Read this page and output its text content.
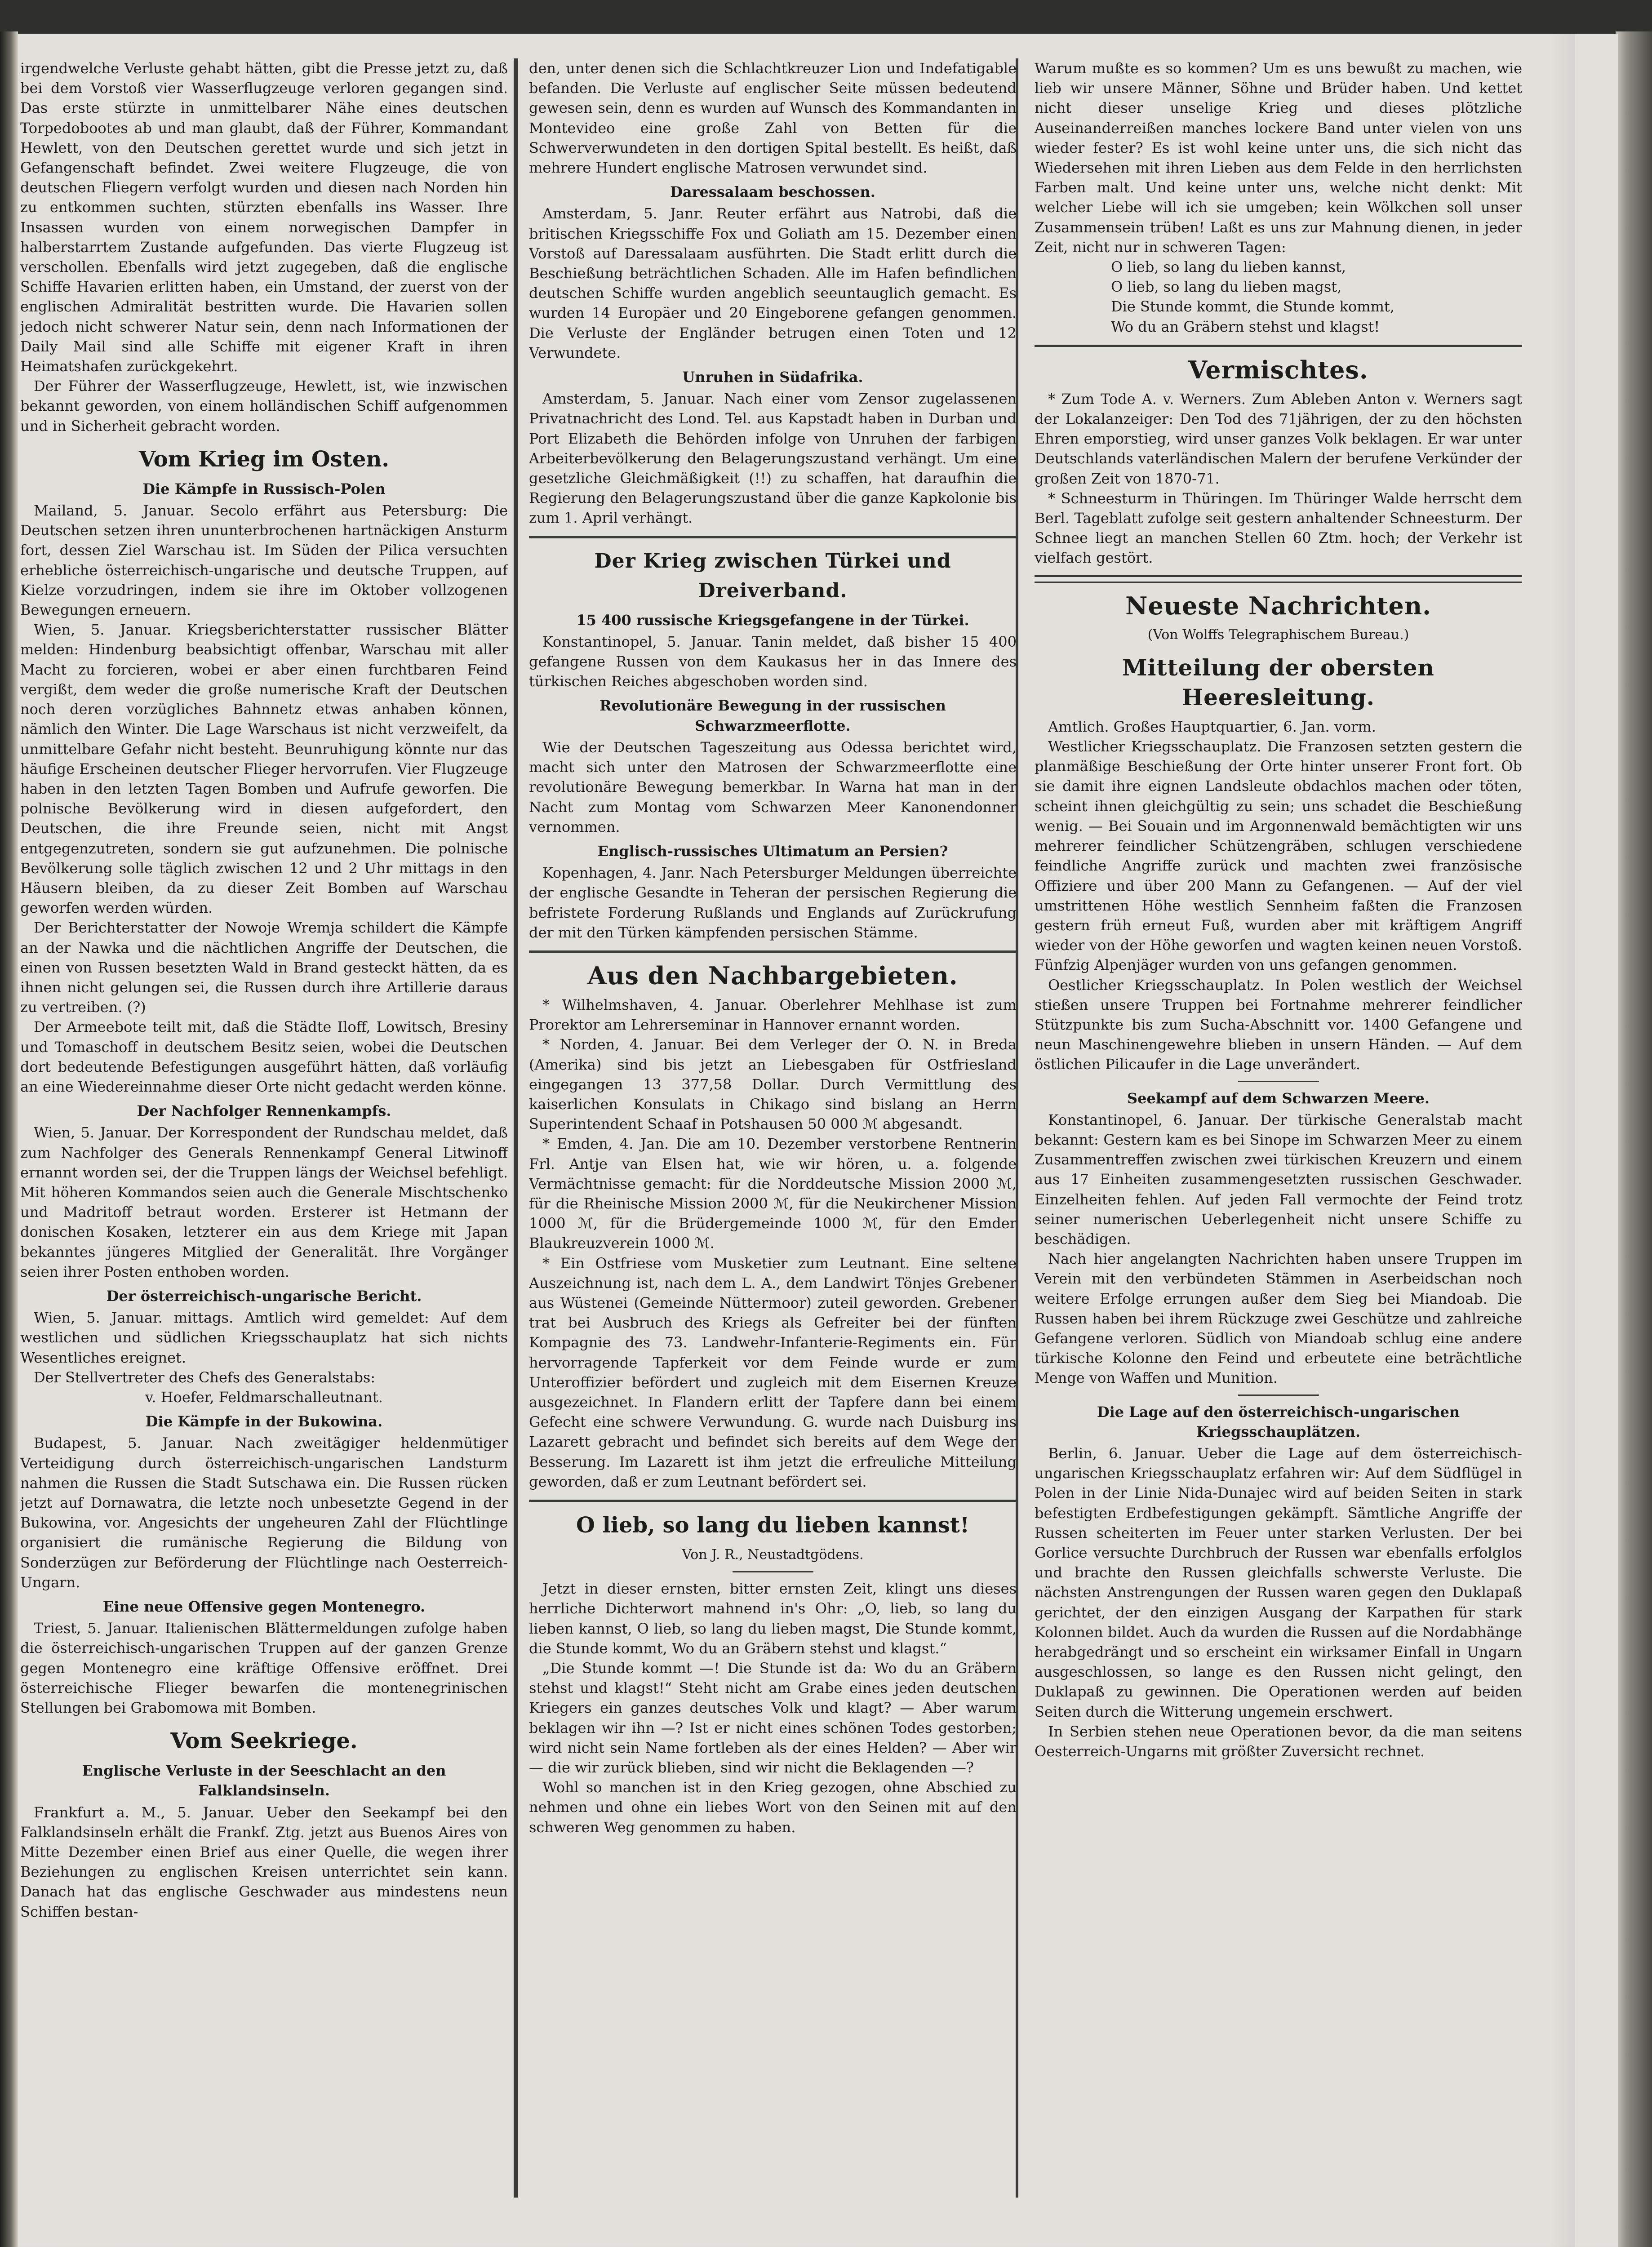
irgendwelche Verluste gehabt hätten, gibt die Presse jetzt zu, daß bei dem Vorstoß vier Wasserflugzeuge verloren gegangen sind. Das erste stürzte in unmittelbarer Nähe eines deutschen Torpedobootes ab und man glaubt, daß der Führer, Kommandant Hewlett, von den Deutschen gerettet wurde und sich jetzt in Gefangenschaft befindet. Zwei weitere Flugzeuge, die von deutschen Fliegern verfolgt wurden und diesen nach Norden hin zu entkommen suchten, stürzten ebenfalls ins Wasser. Ihre Insassen wurden von einem norwegischen Dampfer in halberstarrtem Zustande aufgefunden. Das vierte Flugzeug ist verschollen. Ebenfalls wird jetzt zugegeben, daß die englische Schiffe Havarien erlitten haben, ein Umstand, der zuerst von der englischen Admiralität bestritten wurde. Die Havarien sollen jedoch nicht schwerer Natur sein, denn nach Informationen der Daily Mail sind alle Schiffe mit eigener Kraft in ihren Heimatshafen zurückgekehrt.

Der Führer der Wasserflugzeuge, Hewlett, ist, wie inzwischen bekannt geworden, von einem holländischen Schiff aufgenommen und in Sicherheit gebracht worden.

Vom Krieg im Osten.
Die Kämpfe in Russisch-Polen

Mailand, 5. Januar. Secolo erfährt aus Petersburg: Die Deutschen setzen ihren ununterbrochenen hartnäckigen Ansturm fort, dessen Ziel Warschau ist. Im Süden der Pilica versuchten erhebliche österreichisch-ungarische und deutsche Truppen, auf Kielze vorzudringen, indem sie ihre im Oktober vollzogenen Bewegungen erneuern.

Wien, 5. Januar. Kriegsberichterstatter russischer Blätter melden: Hindenburg beabsichtigt offenbar, Warschau mit aller Macht zu forcieren, wobei er aber einen furchtbaren Feind vergißt, dem weder die große numerische Kraft der Deutschen noch deren vorzügliches Bahnnetz etwas anhaben können, nämlich den Winter. Die Lage Warschaus ist nicht verzweifelt, da unmittelbare Gefahr nicht besteht. Beunruhigung könnte nur das häufige Erscheinen deutscher Flieger hervorrufen. Vier Flugzeuge haben in den letzten Tagen Bomben und Aufrufe geworfen. Die polnische Bevölkerung wird in diesen aufgefordert, den Deutschen, die ihre Freunde seien, nicht mit Angst entgegenzutreten, sondern sie gut aufzunehmen. Die polnische Bevölkerung solle täglich zwischen 12 und 2 Uhr mittags in den Häusern bleiben, da zu dieser Zeit Bomben auf Warschau geworfen werden würden.

Der Berichterstatter der Nowoje Wremja schildert die Kämpfe an der Nawka und die nächtlichen Angriffe der Deutschen, die einen von Russen besetzten Wald in Brand gesteckt hätten, da es ihnen nicht gelungen sei, die Russen durch ihre Artillerie daraus zu vertreiben. (?)

Der Armeebote teilt mit, daß die Städte Iloff, Lowitsch, Bresiny und Tomaschoff in deutschem Besitz seien, wobei die Deutschen dort bedeutende Befestigungen ausgeführt hätten, daß vorläufig an eine Wiedereinnahme dieser Orte nicht gedacht werden könne.

Der Nachfolger Rennenkampfs.

Wien, 5. Januar. Der Korrespondent der Rundschau meldet, daß zum Nachfolger des Generals Rennenkampf General Litwinoff ernannt worden sei, der die Truppen längs der Weichsel befehligt. Mit höheren Kommandos seien auch die Generale Mischtschenko und Madritoff betraut worden. Ersterer ist Hetmann der donischen Kosaken, letzterer ein aus dem Kriege mit Japan bekanntes jüngeres Mitglied der Generalität. Ihre Vorgänger seien ihrer Posten enthoben worden.

Der österreichisch-ungarische Bericht.

Wien, 5. Januar. mittags. Amtlich wird gemeldet: Auf dem westlichen und südlichen Kriegsschauplatz hat sich nichts Wesentliches ereignet.

Der Stellvertreter des Chefs des Generalstabs:

v. Hoefer, Feldmarschalleutnant.

Die Kämpfe in der Bukowina.

Budapest, 5. Januar. Nach zweitägiger heldenmütiger Verteidigung durch österreichisch-ungarischen Landsturm nahmen die Russen die Stadt Sutschawa ein. Die Russen rücken jetzt auf Dornawatra, die letzte noch unbesetzte Gegend in der Bukowina, vor. Angesichts der ungeheuren Zahl der Flüchtlinge organisiert die rumänische Regierung die Bildung von Sonderzügen zur Beförderung der Flüchtlinge nach Oesterreich-Ungarn.

Eine neue Offensive gegen Montenegro.

Triest, 5. Januar. Italienischen Blättermeldungen zufolge haben die österreichisch-ungarischen Truppen auf der ganzen Grenze gegen Montenegro eine kräftige Offensive eröffnet. Drei österreichische Flieger bewarfen die montenegrinischen Stellungen bei Grabomowa mit Bomben.

Vom Seekriege.
Englische Verluste in der Seeschlacht an den Falklandsinseln.

Frankfurt a. M., 5. Januar. Ueber den Seekampf bei den Falklandsinseln erhält die Frankf. Ztg. jetzt aus Buenos Aires von Mitte Dezember einen Brief aus einer Quelle, die wegen ihrer Beziehungen zu englischen Kreisen unterrichtet sein kann. Danach hat das englische Geschwader aus mindestens neun Schiffen bestan-

den, unter denen sich die Schlachtkreuzer Lion und Indefatigable befanden. Die Verluste auf englischer Seite müssen bedeutend gewesen sein, denn es wurden auf Wunsch des Kommandanten in Montevideo eine große Zahl von Betten für die Schwerverwundeten in den dortigen Spital bestellt. Es heißt, daß mehrere Hundert englische Matrosen verwundet sind.

Daressalaam beschossen.

Amsterdam, 5. Janr. Reuter erfährt aus Natrobi, daß die britischen Kriegsschiffe Fox und Goliath am 15. Dezember einen Vorstoß auf Daressalaam ausführten. Die Stadt erlitt durch die Beschießung beträchtlichen Schaden. Alle im Hafen befindlichen deutschen Schiffe wurden angeblich seeuntauglich gemacht. Es wurden 14 Europäer und 20 Eingeborene gefangen genommen. Die Verluste der Engländer betrugen einen Toten und 12 Verwundete.

Unruhen in Südafrika.

Amsterdam, 5. Januar. Nach einer vom Zensor zugelassenen Privatnachricht des Lond. Tel. aus Kapstadt haben in Durban und Port Elizabeth die Behörden infolge von Unruhen der farbigen Arbeiterbevölkerung den Belagerungszustand verhängt. Um eine gesetzliche Gleichmäßigkeit (!!) zu schaffen, hat daraufhin die Regierung den Belagerungszustand über die ganze Kapkolonie bis zum 1. April verhängt.

Der Krieg zwischen Türkei und Dreiverband.
15 400 russische Kriegsgefangene in der Türkei.

Konstantinopel, 5. Januar. Tanin meldet, daß bisher 15 400 gefangene Russen von dem Kaukasus her in das Innere des türkischen Reiches abgeschoben worden sind.

Revolutionäre Bewegung in der russischen Schwarzmeerflotte.

Wie der Deutschen Tageszeitung aus Odessa berichtet wird, macht sich unter den Matrosen der Schwarzmeerflotte eine revolutionäre Bewegung bemerkbar. In Warna hat man in der Nacht zum Montag vom Schwarzen Meer Kanonendonner vernommen.

Englisch-russisches Ultimatum an Persien?

Kopenhagen, 4. Janr. Nach Petersburger Meldungen überreichte der englische Gesandte in Teheran der persischen Regierung die befristete Forderung Rußlands und Englands auf Zurückrufung der mit den Türken kämpfenden persischen Stämme.

Aus den Nachbargebieten.

* Wilhelmshaven, 4. Januar. Oberlehrer Mehlhase ist zum Prorektor am Lehrerseminar in Hannover ernannt worden.

* Norden, 4. Januar. Bei dem Verleger der O. N. in Breda (Amerika) sind bis jetzt an Liebesgaben für Ostfriesland eingegangen 13 377,58 Dollar. Durch Vermittlung des kaiserlichen Konsulats in Chikago sind bislang an Herrn Superintendent Schaaf in Potshausen 50 000 ℳ abgesandt.

* Emden, 4. Jan. Die am 10. Dezember verstorbene Rentnerin Frl. Antje van Elsen hat, wie wir hören, u. a. folgende Vermächtnisse gemacht: für die Norddeutsche Mission 2000 ℳ, für die Rheinische Mission 2000 ℳ, für die Neukirchener Mission 1000 ℳ, für die Brüdergemeinde 1000 ℳ, für den Emder Blaukreuzverein 1000 ℳ.

* Ein Ostfriese vom Musketier zum Leutnant. Eine seltene Auszeichnung ist, nach dem L. A., dem Landwirt Tönjes Grebener aus Wüstenei (Gemeinde Nüttermoor) zuteil geworden. Grebener trat bei Ausbruch des Kriegs als Gefreiter bei der fünften Kompagnie des 73. Landwehr-Infanterie-Regiments ein. Für hervorragende Tapferkeit vor dem Feinde wurde er zum Unteroffizier befördert und zugleich mit dem Eisernen Kreuze ausgezeichnet. In Flandern erlitt der Tapfere dann bei einem Gefecht eine schwere Verwundung. G. wurde nach Duisburg ins Lazarett gebracht und befindet sich bereits auf dem Wege der Besserung. Im Lazarett ist ihm jetzt die erfreuliche Mitteilung geworden, daß er zum Leutnant befördert sei.

O lieb, so lang du lieben kannst!
Von J. R., Neustadtgödens.

Jetzt in dieser ernsten, bitter ernsten Zeit, klingt uns dieses herrliche Dichterwort mahnend in's Ohr: „O, lieb, so lang du lieben kannst, O lieb, so lang du lieben magst, Die Stunde kommt, die Stunde kommt, Wo du an Gräbern stehst und klagst.“

„Die Stunde kommt —! Die Stunde ist da: Wo du an Gräbern stehst und klagst!“ Steht nicht am Grabe eines jeden deutschen Kriegers ein ganzes deutsches Volk und klagt? — Aber warum beklagen wir ihn —? Ist er nicht eines schönen Todes gestorben; wird nicht sein Name fortleben als der eines Helden? — Aber wir — die wir zurück blieben, sind wir nicht die Beklagenden —?

Wohl so manchen ist in den Krieg gezogen, ohne Abschied zu nehmen und ohne ein liebes Wort von den Seinen mit auf den schweren Weg genommen zu haben.

Warum mußte es so kommen? Um es uns bewußt zu machen, wie lieb wir unsere Männer, Söhne und Brüder haben. Und kettet nicht dieser unselige Krieg und dieses plötzliche Auseinanderreißen manches lockere Band unter vielen von uns wieder fester? Es ist wohl keine unter uns, die sich nicht das Wiedersehen mit ihren Lieben aus dem Felde in den herrlichsten Farben malt. Und keine unter uns, welche nicht denkt: Mit welcher Liebe will ich sie umgeben; kein Wölkchen soll unser Zusammensein trüben! Laßt es uns zur Mahnung dienen, in jeder Zeit, nicht nur in schweren Tagen:

O lieb, so lang du lieben kannst,

O lieb, so lang du lieben magst,

Die Stunde kommt, die Stunde kommt,

Wo du an Gräbern stehst und klagst!

Vermischtes.

* Zum Tode A. v. Werners. Zum Ableben Anton v. Werners sagt der Lokalanzeiger: Den Tod des 71jährigen, der zu den höchsten Ehren emporstieg, wird unser ganzes Volk beklagen. Er war unter Deutschlands vaterländischen Malern der berufene Verkünder der großen Zeit von 1870-71.

* Schneesturm in Thüringen. Im Thüringer Walde herrscht dem Berl. Tageblatt zufolge seit gestern anhaltender Schneesturm. Der Schnee liegt an manchen Stellen 60 Ztm. hoch; der Verkehr ist vielfach gestört.

Neueste Nachrichten.
(Von Wolffs Telegraphischem Bureau.)
Mitteilung der obersten Heeresleitung.

Amtlich. Großes Hauptquartier, 6. Jan. vorm.

Westlicher Kriegsschauplatz. Die Franzosen setzten gestern die planmäßige Beschießung der Orte hinter unserer Front fort. Ob sie damit ihre eignen Landsleute obdachlos machen oder töten, scheint ihnen gleichgültig zu sein; uns schadet die Beschießung wenig. — Bei Souain und im Argonnenwald bemächtigten wir uns mehrerer feindlicher Schützengräben, schlugen verschiedene feindliche Angriffe zurück und machten zwei französische Offiziere und über 200 Mann zu Gefangenen. — Auf der viel umstrittenen Höhe westlich Sennheim faßten die Franzosen gestern früh erneut Fuß, wurden aber mit kräftigem Angriff wieder von der Höhe geworfen und wagten keinen neuen Vorstoß. Fünfzig Alpenjäger wurden von uns gefangen genommen.

Oestlicher Kriegsschauplatz. In Polen westlich der Weichsel stießen unsere Truppen bei Fortnahme mehrerer feindlicher Stützpunkte bis zum Sucha-Abschnitt vor. 1400 Gefangene und neun Maschinengewehre blieben in unsern Händen. — Auf dem östlichen Pilicaufer in die Lage unverändert.

Seekampf auf dem Schwarzen Meere.

Konstantinopel, 6. Januar. Der türkische Generalstab macht bekannt: Gestern kam es bei Sinope im Schwarzen Meer zu einem Zusammentreffen zwischen zwei türkischen Kreuzern und einem aus 17 Einheiten zusammengesetzten russischen Geschwader. Einzelheiten fehlen. Auf jeden Fall vermochte der Feind trotz seiner numerischen Ueberlegenheit nicht unsere Schiffe zu beschädigen.

Nach hier angelangten Nachrichten haben unsere Truppen im Verein mit den verbündeten Stämmen in Aserbeidschan noch weitere Erfolge errungen außer dem Sieg bei Miandoab. Die Russen haben bei ihrem Rückzuge zwei Geschütze und zahlreiche Gefangene verloren. Südlich von Miandoab schlug eine andere türkische Kolonne den Feind und erbeutete eine beträchtliche Menge von Waffen und Munition.

Die Lage auf den österreichisch-ungarischen Kriegsschauplätzen.

Berlin, 6. Januar. Ueber die Lage auf dem österreichisch-ungarischen Kriegsschauplatz erfahren wir: Auf dem Südflügel in Polen in der Linie Nida-Dunajec wird auf beiden Seiten in stark befestigten Erdbefestigungen gekämpft. Sämtliche Angriffe der Russen scheiterten im Feuer unter starken Verlusten. Der bei Gorlice versuchte Durchbruch der Russen war ebenfalls erfolglos und brachte den Russen gleichfalls schwerste Verluste. Die nächsten Anstrengungen der Russen waren gegen den Duklapaß gerichtet, der den einzigen Ausgang der Karpathen für stark Kolonnen bildet. Auch da wurden die Russen auf die Nordabhänge herabgedrängt und so erscheint ein wirksamer Einfall in Ungarn ausgeschlossen, so lange es den Russen nicht gelingt, den Duklapaß zu gewinnen. Die Operationen werden auf beiden Seiten durch die Witterung ungemein erschwert.

In Serbien stehen neue Operationen bevor, da die man seitens Oesterreich-Ungarns mit größter Zuversicht rechnet.
